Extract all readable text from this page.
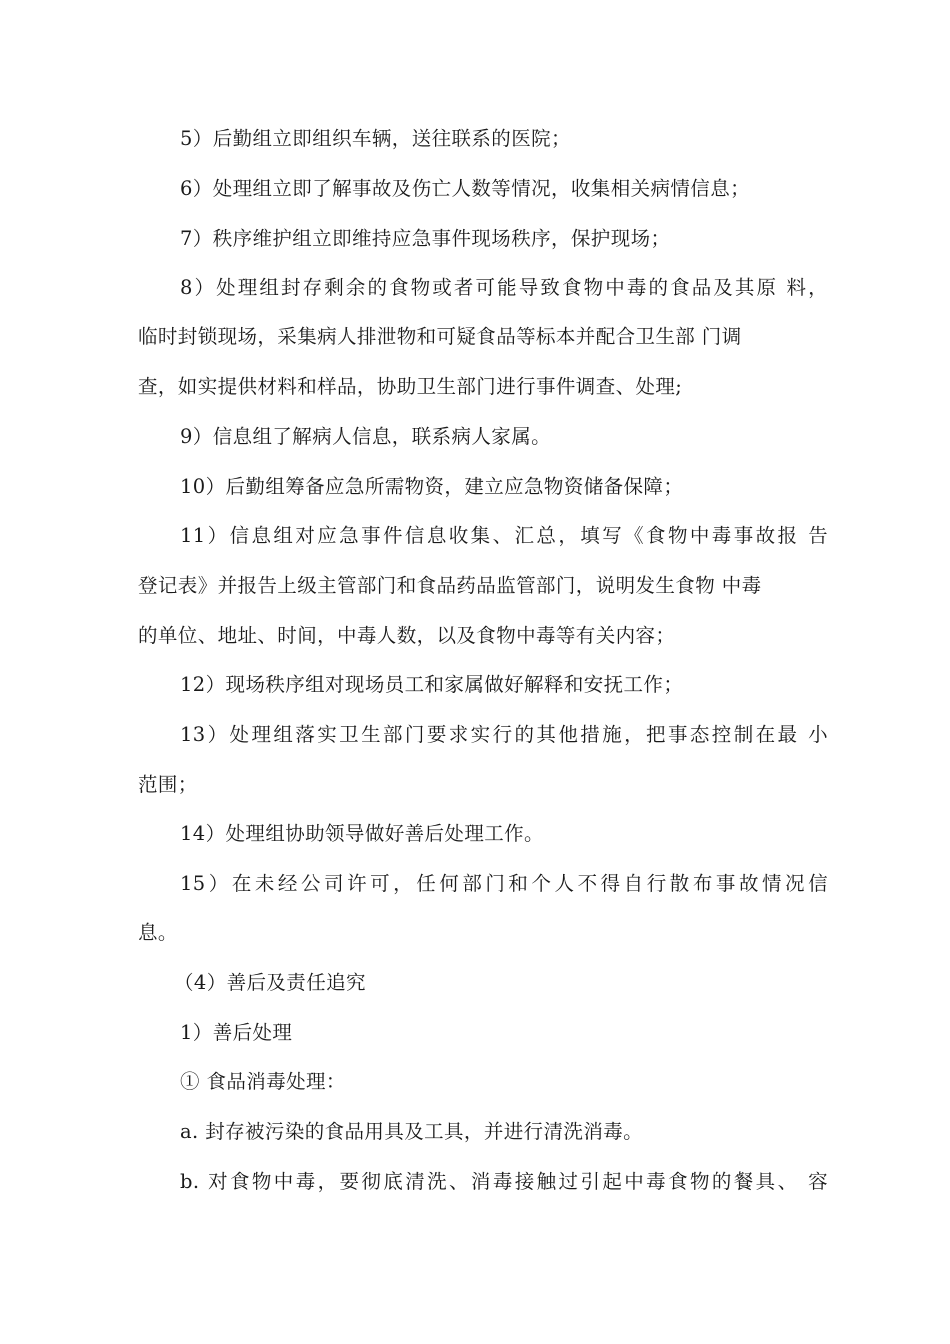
5）后勤组立即组织车辆，送往联系的医院；
6）处理组立即了解事故及伤亡人数等情况，收集相关病情信息；
7）秩序维护组立即维持应急事件现场秩序，保护现场；
8）处理组封存剩余的食物或者可能导致食物中毒的食品及其原 料，
临时封锁现场，采集病人排泄物和可疑食品等标本并配合卫生部 门调
查，如实提供材料和样品，协助卫生部门进行事件调查、处理;
9）信息组了解病人信息，联系病人家属。
10）后勤组筹备应急所需物资，建立应急物资储备保障；
11）信息组对应急事件信息收集、汇总，填写《食物中毒事故报 告
登记表》并报告上级主管部门和食品药品监管部门，说明发生食物 中毒
的单位、地址、时间，中毒人数，以及食物中毒等有关内容；
12）现场秩序组对现场员工和家属做好解释和安抚工作；
13）处理组落实卫生部门要求实行的其他措施，把事态控制在最 小
范围；
14）处理组协助领导做好善后处理工作。
15）在未经公司许可，任何部门和个人不得自行散布事故情况信
息。
（4）善后及责任追究
1）善后处理
① 食品消毒处理：
a. 封存被污染的食品用具及工具，并进行清洗消毒。
b. 对食物中毒，要彻底清洗、消毒接触过引起中毒食物的餐具、 容
